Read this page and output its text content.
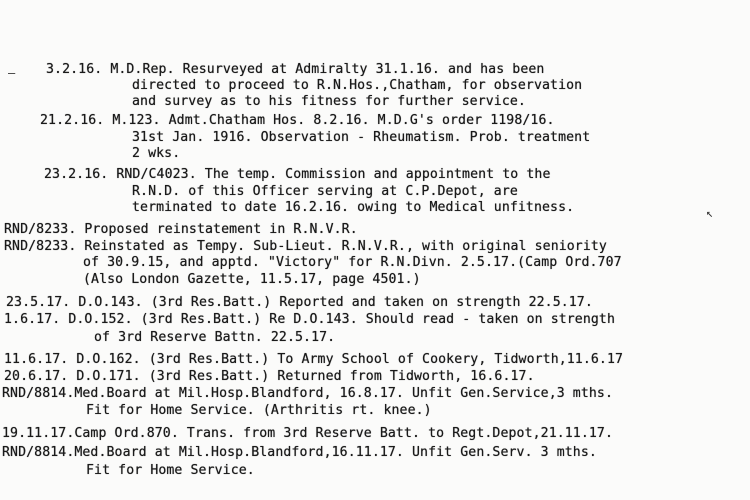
–
↖
3.2.16. M.D.Rep. Resurveyed at Admiralty 31.1.16. and has been
directed to proceed to R.N.Hos.,Chatham, for observation
and survey as to his fitness for further service.
21.2.16. M.123. Admt.Chatham Hos. 8.2.16. M.D.G's order 1198/16.
31st Jan. 1916. Observation - Rheumatism. Prob. treatment
2 wks.
23.2.16. RND/C4023. The temp. Commission and appointment to the
R.N.D. of this Officer serving at C.P.Depot, are
terminated to date 16.2.16. owing to Medical unfitness.
RND/8233. Proposed reinstatement in R.N.V.R.
RND/8233. Reinstated as Tempy. Sub-Lieut. R.N.V.R., with original seniority
of 30.9.15, and apptd. "Victory" for R.N.Divn. 2.5.17.(Camp Ord.707
(Also London Gazette, 11.5.17, page 4501.)
23.5.17. D.O.143. (3rd Res.Batt.) Reported and taken on strength 22.5.17.
1.6.17. D.O.152. (3rd Res.Batt.) Re D.O.143. Should read - taken on strength
of 3rd Reserve Battn. 22.5.17.
11.6.17. D.O.162. (3rd Res.Batt.) To Army School of Cookery, Tidworth,11.6.17
20.6.17. D.O.171. (3rd Res.Batt.) Returned from Tidworth, 16.6.17.
RND/8814.Med.Board at Mil.Hosp.Blandford, 16.8.17. Unfit Gen.Service,3 mths.
Fit for Home Service. (Arthritis rt. knee.)
19.11.17.Camp Ord.870. Trans. from 3rd Reserve Batt. to Regt.Depot,21.11.17.
RND/8814.Med.Board at Mil.Hosp.Blandford,16.11.17. Unfit Gen.Serv. 3 mths.
Fit for Home Service.
